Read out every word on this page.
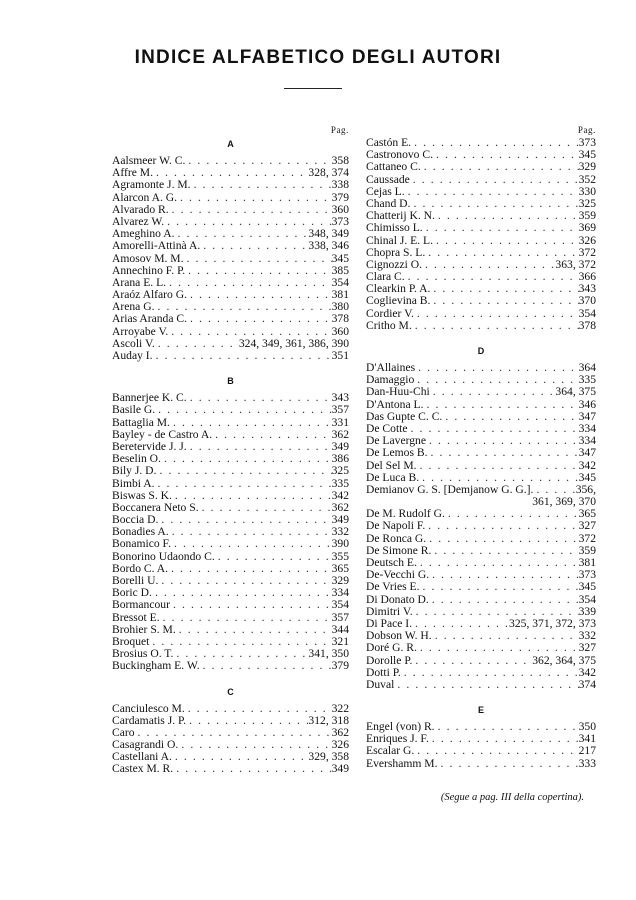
INDICE ALFABETICO DEGLI AUTORI
Pag.
A
Aalsmeer W. C. . . .	358
Affre M. . . .	328, 374
Agramonte J. M. . . .	338
Alarcon A. G. . . .	379
Alvarado R. . . .	360
Alvarez W. . . .	373
Ameghino A. . . .	348, 349
Amorelli-Attinà A. . . .	338, 346
Amosov M. M. . . .	345
Annechino F. P. . . .	385
Arana E. L. . . .	354
Araóz Alfaro G. . . .	381
Arena G. . . .	380
Arias Aranda C. . . .	378
Arroyabe V. . . .	360
Ascoli V. . . .	324, 349, 361, 386, 390
Auday I. . . .	351
B
Bannerjee K. C. . . .	343
Basile G. . . .	357
Battaglia M. . . .	331
Bayley - de Castro A. . . .	362
Beretervide J. J. . . .	349
Beselin O. . . .	386
Bily J. D. . . .	325
Bimbi A. . . .	335
Biswas S. K. . . .	342
Boccanera Neto S. . . .	362
Boccia D. . . .	349
Bonadies A. . . .	332
Bonamico F. . . .	390
Bonorino Udaondo C. . . .	355
Bordo C. A. . . .	365
Borelli U. . . .	329
Boric D. . . .	334
Bormancour . . .	354
Bressot E. . . .	357
Brohier S. M. . . .	344
Broquet . . .	321
Brosius O. T. . . .	341, 350
Buckingham E. W. . . .	379
C
Canciulesco M. . . .	322
Cardamatis J. P. . . .	312, 318
Caro . . .	362
Casagrandi O. . . .	326
Castellani A. . . .	329, 358
Castex M. R. . . .	349
Pag.
Castón E. . . .	373
Castronovo C. . . .	345
Cattaneo C. . . .	329
Caussade . . .	352
Cejas L. . . .	330
Chand D. . . .	325
Chatterij K. N. . . .	359
Chimisso L. . . .	369
Chinal J. E. L. . . .	326
Chopra S. L. . . .	372
Cignozzi O. . . .	363, 372
Clara C. . . .	366
Clearkin P. A. . . .	343
Coglievina B. . . .	370
Cordier V. . . .	354
Critho M. . . .	378
D
D'Allaines . . .	364
Damaggio . . .	335
Dan-Huu-Chi . . .	364, 375
D'Antona L. . . .	346
Das Gupte C. C. . . .	347
De Cotte . . .	334
De Lavergne . . .	334
De Lemos B. . . .	347
Del Sel M. . . .	342
De Luca B. . . .	345
Demianov G. S. [Demjanow G. G.]. . . .	356,
361, 369, 370
De M. Rudolf G. . . .	365
De Napoli F. . . .	327
De Ronca G. . . .	372
De Simone R. . . .	359
Deutsch E. . . .	381
De-Vecchi G. . . .	373
De Vries E. . . .	345
Di Donato D. . . .	354
Dimitri V. . . .	339
Di Pace I. . . .	325, 371, 372, 373
Dobson W. H. . . .	332
Doré G. R. . . .	327
Dorolle P. . . .	362, 364, 375
Dotti P. . . .	342
Duval . . .	374
E
Engel (von) R. . . .	350
Enriques J. F. . . .	341
Escalar G. . . .	217
Evershamm M. . . .	333
(Segue a pag. III della copertina).
